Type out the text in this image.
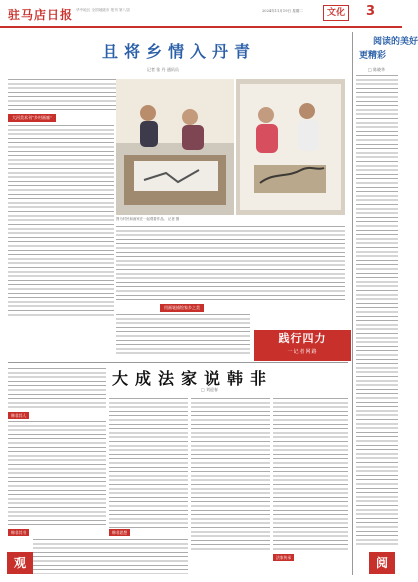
驻马店日报 华中地区 全国地级市 报刊 第八届	2024年11月19日 星期二	文化	3
且将乡情入丹青
记者 张 丹 通讯员
大河美术刊“乡村画廊”
图为村民和画家在一起观看作品。 记者 摄
用画笔描绘家乡之美
践行四力
一记者网路
大成法家说韩非
□ 刘迎春
韩非其人
韩非其书	韩非思想
法家传承
阅读的美好
更精彩
□ 陈晓华
观	阅
